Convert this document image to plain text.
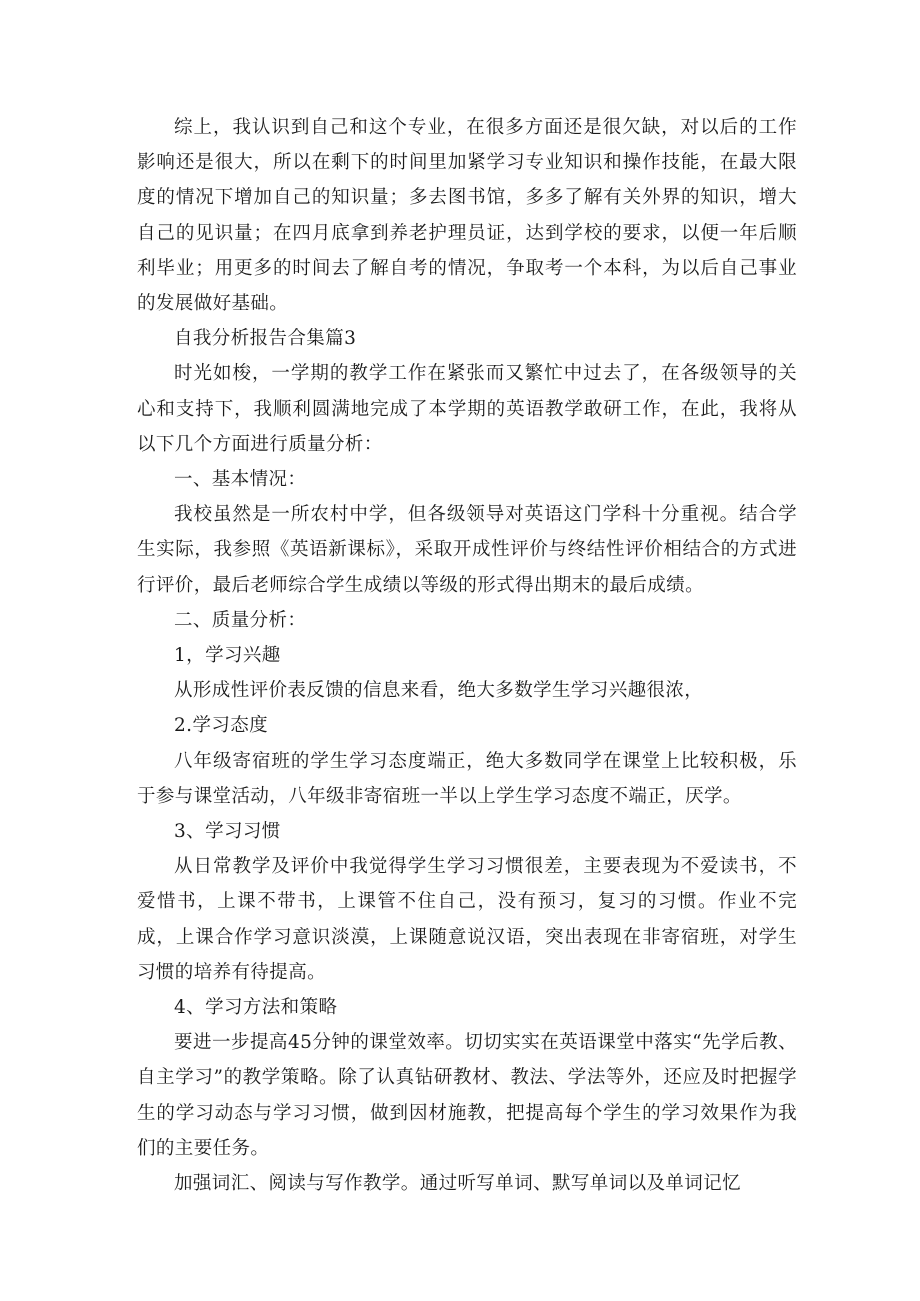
综上，我认识到自己和这个专业，在很多方面还是很欠缺，对以后的工作影响还是很大，所以在剩下的时间里加紧学习专业知识和操作技能，在最大限度的情况下增加自己的知识量；多去图书馆，多多了解有关外界的知识，增大自己的见识量；在四月底拿到养老护理员证，达到学校的要求，以便一年后顺利毕业；用更多的时间去了解自考的情况，争取考一个本科，为以后自己事业的发展做好基础。

自我分析报告合集篇3

时光如梭，一学期的教学工作在紧张而又繁忙中过去了，在各级领导的关心和支持下，我顺利圆满地完成了本学期的英语教学敢研工作，在此，我将从以下几个方面进行质量分析：

一、基本情况：

我校虽然是一所农村中学，但各级领导对英语这门学科十分重视。结合学生实际，我参照《英语新课标》，采取开成性评价与终结性评价相结合的方式进行评价，最后老师综合学生成绩以等级的形式得出期末的最后成绩。

二、质量分析：

1，学习兴趣

从形成性评价表反馈的信息来看，绝大多数学生学习兴趣很浓，

2.学习态度

八年级寄宿班的学生学习态度端正，绝大多数同学在课堂上比较积极，乐于参与课堂活动，八年级非寄宿班一半以上学生学习态度不端正，厌学。

3、学习习惯

从日常教学及评价中我觉得学生学习习惯很差，主要表现为不爱读书，不爱惜书，上课不带书，上课管不住自己，没有预习，复习的习惯。作业不完成，上课合作学习意识淡漠，上课随意说汉语，突出表现在非寄宿班，对学生习惯的培养有待提高。

4、学习方法和策略

要进一步提高45分钟的课堂效率。切切实实在英语课堂中落实“先学后教、自主学习”的教学策略。除了认真钻研教材、教法、学法等外，还应及时把握学生的学习动态与学习习惯，做到因材施教，把提高每个学生的学习效果作为我们的主要任务。

加强词汇、阅读与写作教学。通过听写单词、默写单词以及单词记忆
